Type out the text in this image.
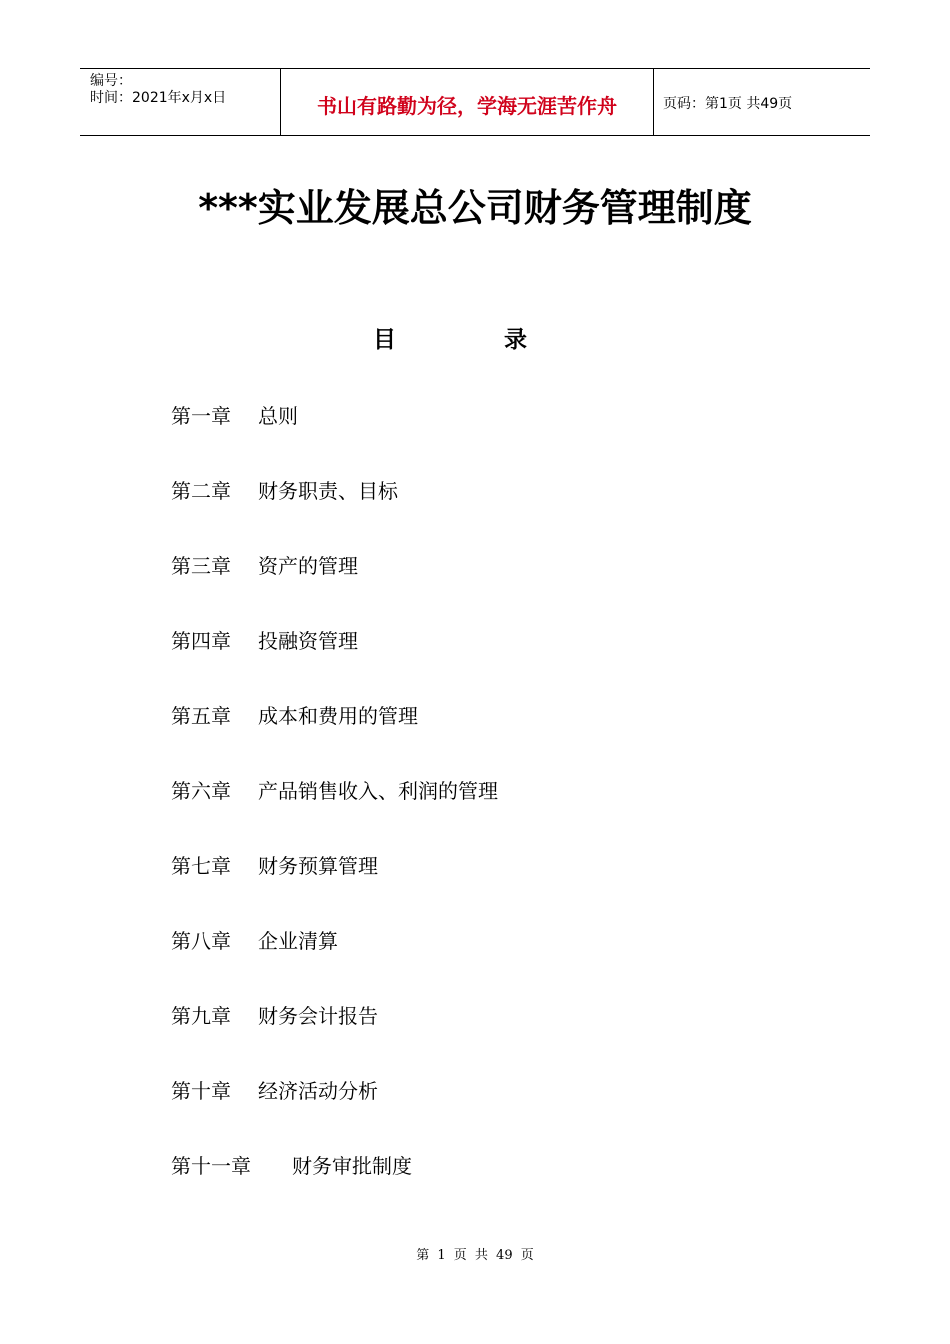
编号：
时间：2021年x月x日	书山有路勤为径，学海无涯苦作舟	页码：第1页 共49页
***实业发展总公司财务管理制度
目	录
第一章 总则
第二章 财务职责、目标
第三章 资产的管理
第四章 投融资管理
第五章 成本和费用的管理
第六章 产品销售收入、利润的管理
第七章 财务预算管理
第八章 企业清算
第九章 财务会计报告
第十章 经济活动分析
第十一章 财务审批制度
第 1 页 共 49 页
